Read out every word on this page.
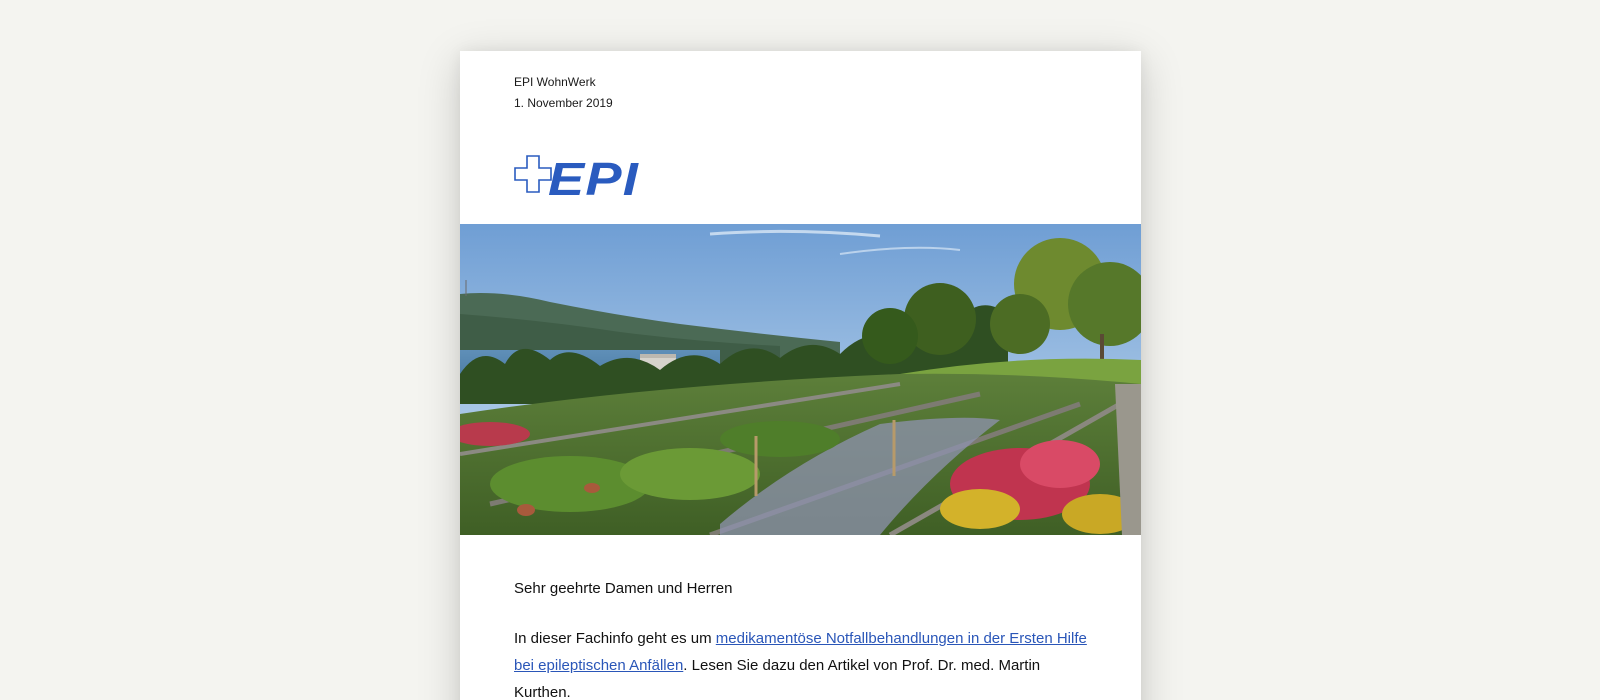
EPI WohnWerk
1. November 2019
EPI

Sehr geehrte Damen und Herren

In dieser Fachinfo geht es um medikamentöse Notfallbehandlungen in der Ersten Hilfe bei epileptischen Anfällen. Lesen Sie dazu den Artikel von Prof. Dr. med. Martin Kurthen.
